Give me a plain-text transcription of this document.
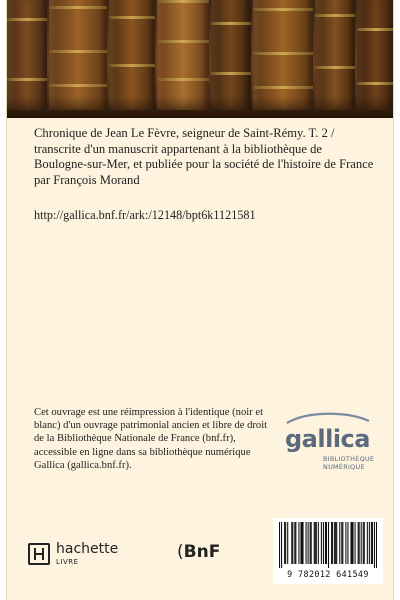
Chronique de Jean Le Fèvre, seigneur de Saint-Rémy. T. 2 / transcrite d'un manuscrit appartenant à la bibliothèque de Boulogne-sur-Mer, et publiée pour la société de l'histoire de France par François Morand
http://gallica.bnf.fr/ark:/12148/bpt6k1121581
Cet ouvrage est une réimpression à l'identique (noir et blanc) d'un ouvrage patrimonial ancien et libre de droit de la Bibliothèque Nationale de France (bnf.fr), accessible en ligne dans sa bibliothèque numérique Gallica (gallica.bnf.fr).
gallica
BIBLIOTHÈQUE
NUMÉRIQUE
hachette
LIVRE	(BnF
9 782012 641549
